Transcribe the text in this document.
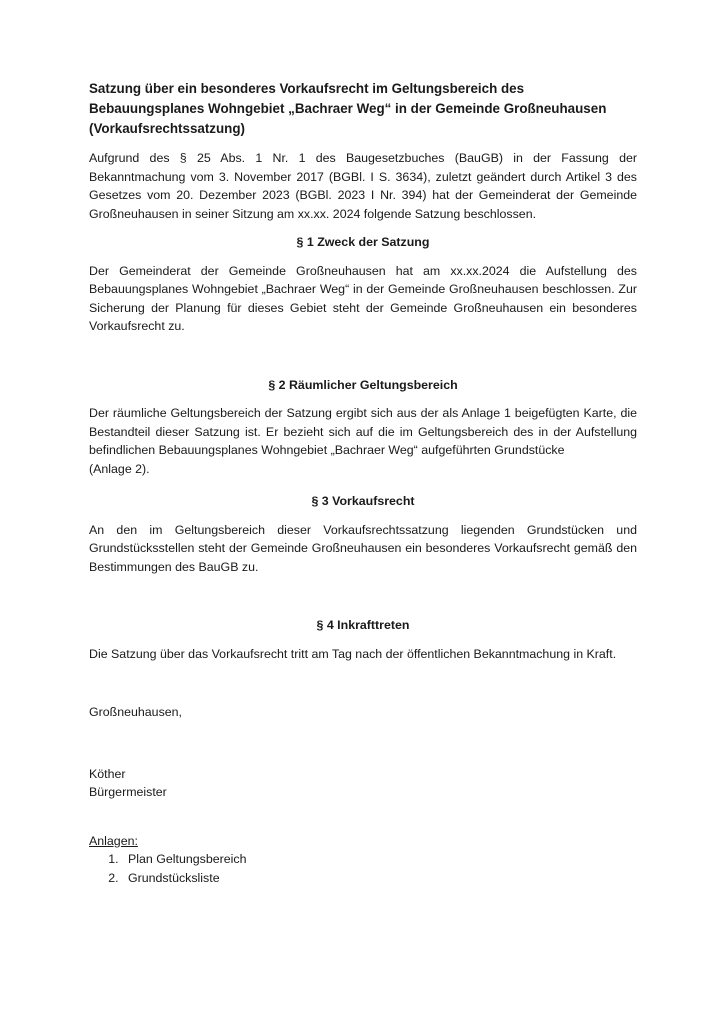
Satzung über ein besonderes Vorkaufsrecht im Geltungsbereich des Bebauungsplanes Wohngebiet „Bachraer Weg“ in der Gemeinde Großneuhausen (Vorkaufsrechtssatzung)

Aufgrund des § 25 Abs. 1 Nr. 1 des Baugesetzbuches (BauGB) in der Fassung der Bekanntmachung vom 3. November 2017 (BGBl. I S. 3634), zuletzt geändert durch Artikel 3 des Gesetzes vom 20. Dezember 2023 (BGBl. 2023 I Nr. 394) hat der Gemeinderat der Gemeinde Großneuhausen in seiner Sitzung am xx.xx. 2024 folgende Satzung beschlossen.

§ 1 Zweck der Satzung

Der Gemeinderat der Gemeinde Großneuhausen hat am xx.xx.2024 die Aufstellung des Bebauungsplanes Wohngebiet „Bachraer Weg“ in der Gemeinde Großneuhausen beschlossen. Zur Sicherung der Planung für dieses Gebiet steht der Gemeinde Großneuhausen ein besonderes Vorkaufsrecht zu.

§ 2 Räumlicher Geltungsbereich

Der räumliche Geltungsbereich der Satzung ergibt sich aus der als Anlage 1 beigefügten Karte, die Bestandteil dieser Satzung ist. Er bezieht sich auf die im Geltungsbereich des in der Aufstellung befindlichen Bebauungsplanes Wohngebiet „Bachraer Weg“ aufgeführten Grundstücke

(Anlage 2).

§ 3 Vorkaufsrecht

An den im Geltungsbereich dieser Vorkaufsrechtssatzung liegenden Grundstücken und Grundstücksstellen steht der Gemeinde Großneuhausen ein besonderes Vorkaufsrecht gemäß den Bestimmungen des BauGB zu.

§ 4 Inkrafttreten

Die Satzung über das Vorkaufsrecht tritt am Tag nach der öffentlichen Bekanntmachung in Kraft.

Großneuhausen,

Köther

Bürgermeister

Anlagen:

1. Plan Geltungsbereich
2. Grundstücksliste
